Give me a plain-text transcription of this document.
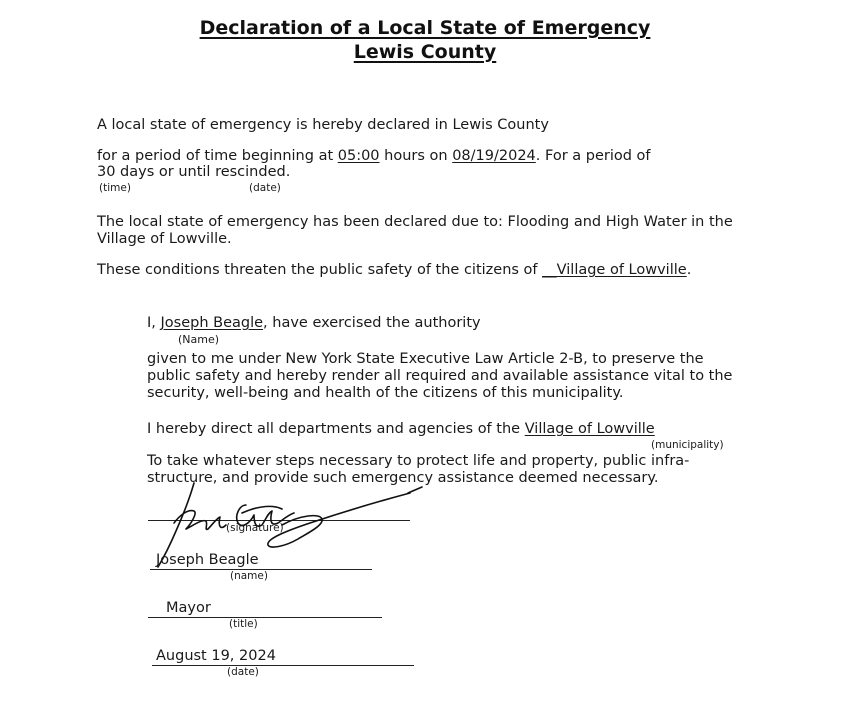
Declaration of a Local State of Emergency
Lewis County
A local state of emergency is hereby declared in Lewis County
for a period of time beginning at 05:00 hours on 08/19/2024. For a period of
30 days or until rescinded.
(time)	(date)
The local state of emergency has been declared due to: Flooding and High Water in the
Village of Lowville.
These conditions threaten the public safety of the citizens of __Village of Lowville.
I, Joseph Beagle, have exercised the authority
(Name)
given to me under New York State Executive Law Article 2-B, to preserve the
public safety and hereby render all required and available assistance vital to the
security, well-being and health of the citizens of this municipality.
I hereby direct all departments and agencies of the Village of Lowville
(municipality)
To take whatever steps necessary to protect life and property, public infra-
structure, and provide such emergency assistance deemed necessary.
(signature)
Joseph Beagle
(name)
Mayor
(title)
August 19, 2024
(date)
